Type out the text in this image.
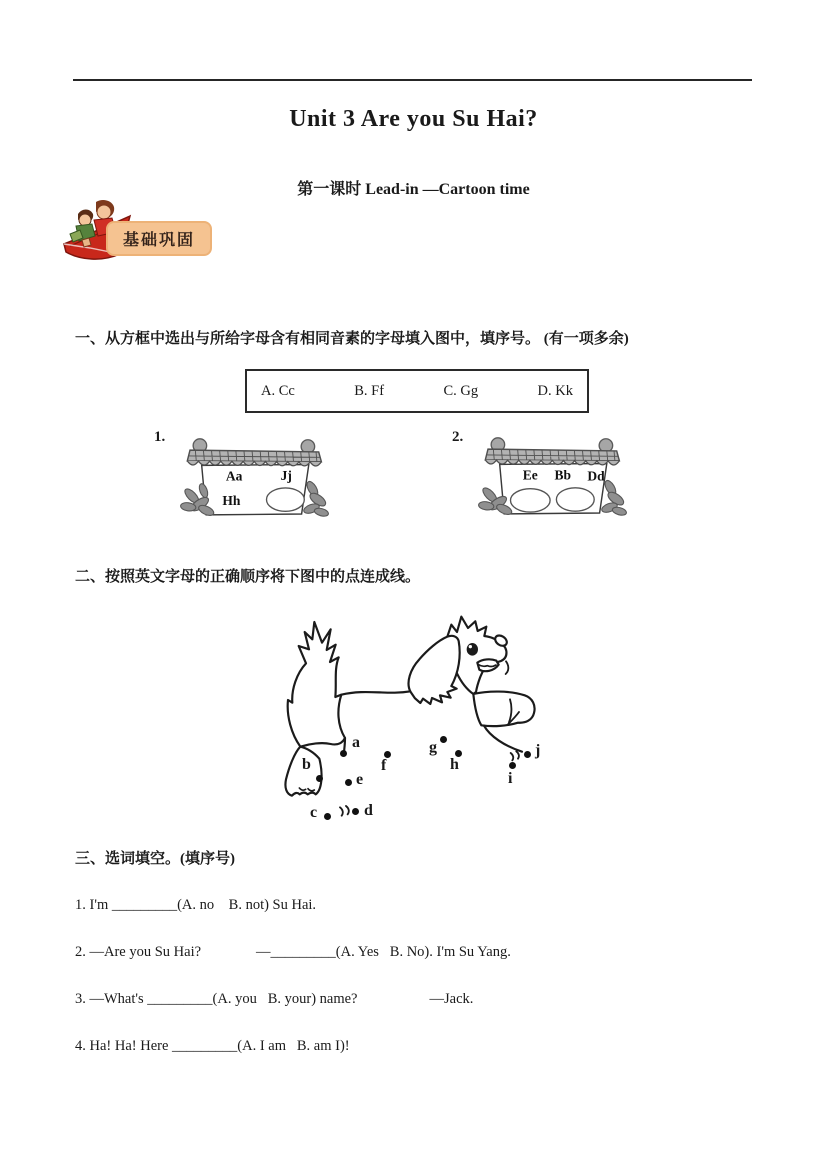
Unit 3 Are you Su Hai?
第一课时 Lead-in —Cartoon time
基础巩固
一、从方框中选出与所给字母含有相同音素的字母填入图中，填序号。 (有一项多余)
A. Cc	B. Ff	C. Gg	D. Kk
1.
Aa	Jj
Hh
2.
Ee Bb Dd
二、按照英文字母的正确顺序将下图中的点连成线。
a
b
c	d
e
f
g
h
i
j
三、选词填空。(填序号)
1. I'm _________(A. no    B. not) Su Hai.
2. —Are you Su Hai?	—_________(A. Yes   B. No). I'm Su Yang.
3. —What's _________(A. you   B. your) name?	—Jack.
4. Ha! Ha! Here _________(A. I am   B. am I)!
